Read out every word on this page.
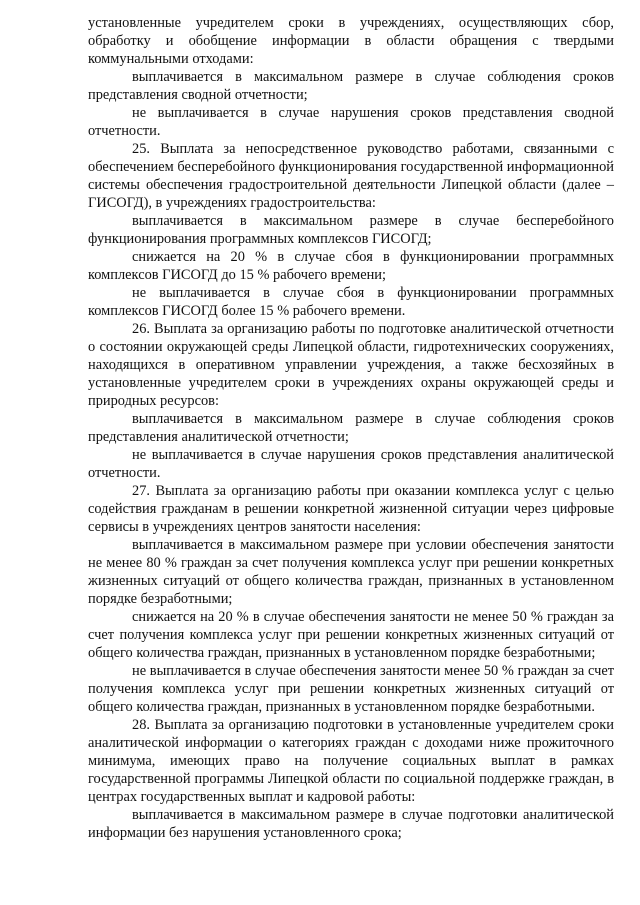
установленные учредителем сроки в учреждениях, осуществляющих сбор, обработку и обобщение информации в области обращения с твердыми коммунальными отходами:

выплачивается в максимальном размере в случае соблюдения сроков представления сводной отчетности;

не выплачивается в случае нарушения сроков представления сводной отчетности.

25. Выплата за непосредственное руководство работами, связанными с обеспечением бесперебойного функционирования государственной информационной системы обеспечения градостроительной деятельности Липецкой области (далее – ГИСОГД), в учреждениях градостроительства:

выплачивается в максимальном размере в случае бесперебойного функционирования программных комплексов ГИСОГД;

снижается на 20 % в случае сбоя в функционировании программных комплексов ГИСОГД до 15 % рабочего времени;

не выплачивается в случае сбоя в функционировании программных комплексов ГИСОГД более 15 % рабочего времени.

26. Выплата за организацию работы по подготовке аналитической отчетности о состоянии окружающей среды Липецкой области, гидротехнических сооружениях, находящихся в оперативном управлении учреждения, а также бесхозяйных в установленные учредителем сроки в учреждениях охраны окружающей среды и природных ресурсов:

выплачивается в максимальном размере в случае соблюдения сроков представления аналитической отчетности;

не выплачивается в случае нарушения сроков представления аналитической отчетности.

27. Выплата за организацию работы при оказании комплекса услуг с целью содействия гражданам в решении конкретной жизненной ситуации через цифровые сервисы в учреждениях центров занятости населения:

выплачивается в максимальном размере при условии обеспечения занятости не менее 80 % граждан за счет получения комплекса услуг при решении конкретных жизненных ситуаций от общего количества граждан, признанных в установленном порядке безработными;

снижается на 20 % в случае обеспечения занятости не менее 50 % граждан за счет получения комплекса услуг при решении конкретных жизненных ситуаций от общего количества граждан, признанных в установленном порядке безработными;

не выплачивается в случае обеспечения занятости менее 50 % граждан за счет получения комплекса услуг при решении конкретных жизненных ситуаций от общего количества граждан, признанных в установленном порядке безработными.

28. Выплата за организацию подготовки в установленные учредителем сроки аналитической информации о категориях граждан с доходами ниже прожиточного минимума, имеющих право на получение социальных выплат в рамках государственной программы Липецкой области по социальной поддержке граждан, в центрах государственных выплат и кадровой работы:

выплачивается в максимальном размере в случае подготовки аналитической информации без нарушения установленного срока;
